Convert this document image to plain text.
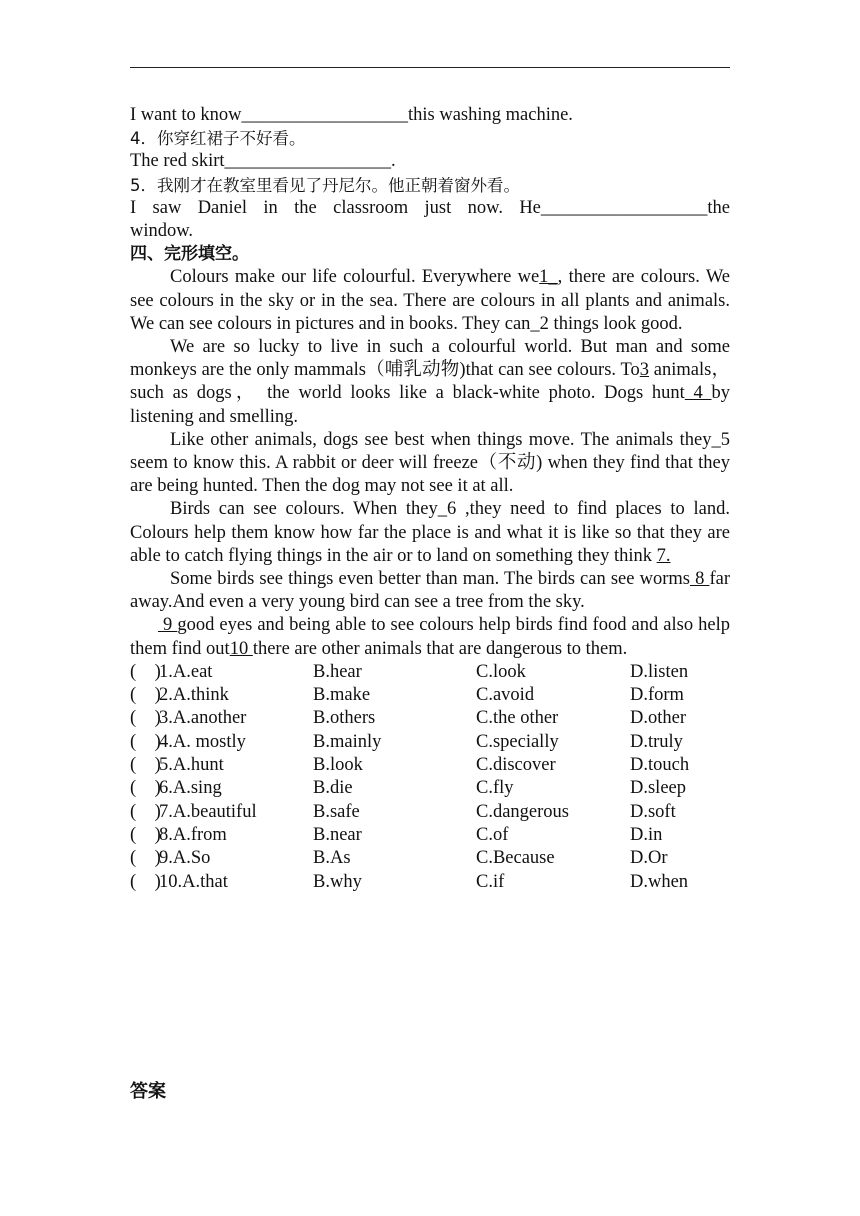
I want to know__________________this washing machine.
4．你穿红裙子不好看。
The red skirt__________________.
5．我刚才在教室里看见了丹尼尔。他正朝着窗外看。
I saw Daniel in the classroom just now. He__________________the
window.
四、完形填空。
Colours make our life colourful. Everywhere we1_, there are colours. We see colours in the sky or in the sea. There are colours in all plants and animals. We can see colours in pictures and in books. They can_2 things look good.
We are so lucky to live in such a colourful world. But man and some monkeys are the only mammals（哺乳动物)that can see colours. To3 animals， such as dogs， the world looks like a black-white photo. Dogs hunt 4 by listening and smelling.
Like other animals, dogs see best when things move. The animals they_5 seem to know this. A rabbit or deer will freeze（不动) when they find that they are being hunted. Then the dog may not see it at all.
Birds can see colours. When they_6 ,they need to find places to land. Colours help them know how far the place is and what it is like so that they are able to catch flying things in the air or to land on something they think 7.
Some birds see things even better than man. The birds can see worms 8 far away.And even a very young bird can see a tree from the sky.
9 good eyes and being able to see colours help birds find food and also help them find out10 there are other animals that are dangerous to them.
(　)
1.A.eat	B.hear	C.look	D.listen
(　)
2.A.think	B.make	C.avoid	D.form
(　)
3.A.another	B.others	C.the other	D.other
(　)
4.A. mostly	B.mainly	C.specially	D.truly
(　)
5.A.hunt	B.look	C.discover	D.touch
(　)
6.A.sing	B.die	C.fly	D.sleep
(　)
7.A.beautiful	B.safe	C.dangerous	D.soft
(　)
8.A.from	B.near	C.of	D.in
(　)
9.A.So	B.As	C.Because	D.Or
(　)
10.A.that	B.why	C.if	D.when
答案
